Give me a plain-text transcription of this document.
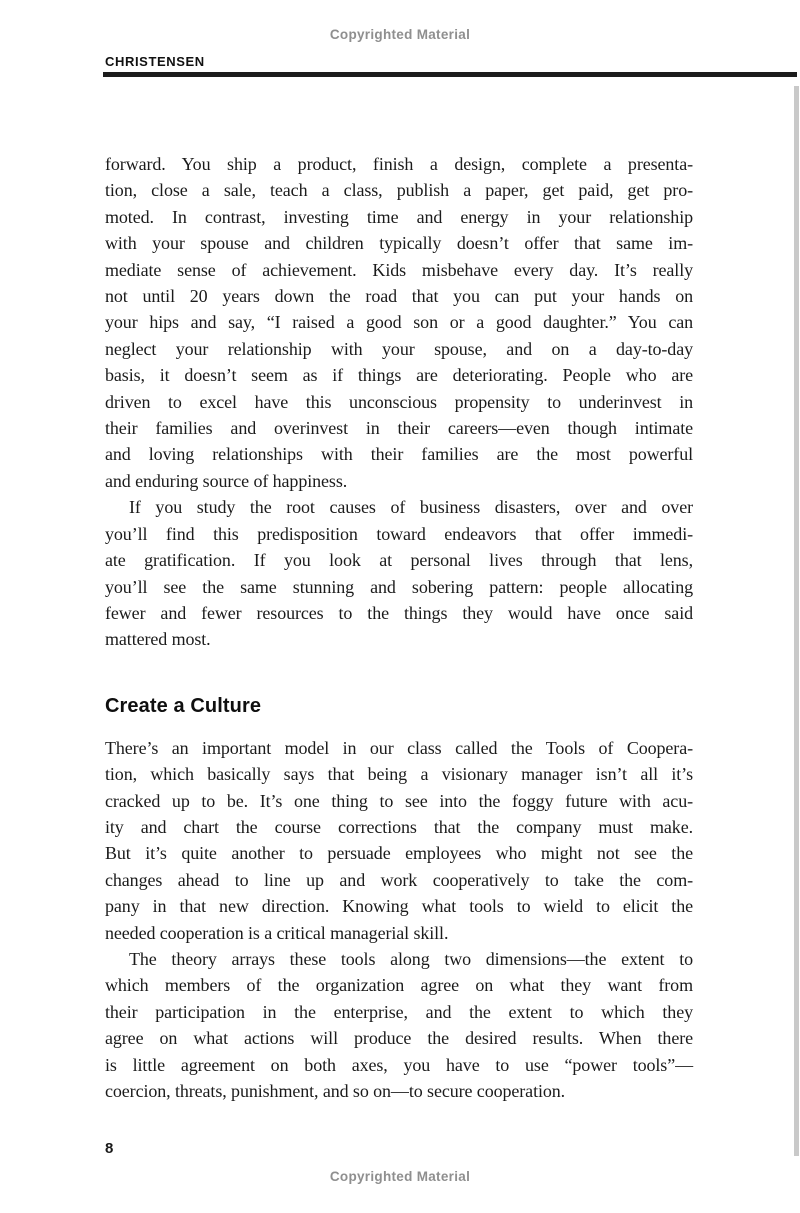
Copyrighted Material
CHRISTENSEN
forward. You ship a product, finish a design, complete a presenta-
tion, close a sale, teach a class, publish a paper, get paid, get pro-
moted. In contrast, investing time and energy in your relationship
with your spouse and children typically doesn’t offer that same im-
mediate sense of achievement. Kids misbehave every day. It’s really
not until 20 years down the road that you can put your hands on
your hips and say, “I raised a good son or a good daughter.” You can
neglect your relationship with your spouse, and on a day-to-day
basis, it doesn’t seem as if things are deteriorating. People who are
driven to excel have this unconscious propensity to underinvest in
their families and overinvest in their careers—even though intimate
and loving relationships with their families are the most powerful
and enduring source of happiness.
If you study the root causes of business disasters, over and over
you’ll find this predisposition toward endeavors that offer immedi-
ate gratification. If you look at personal lives through that lens,
you’ll see the same stunning and sobering pattern: people allocating
fewer and fewer resources to the things they would have once said
mattered most.
Create a Culture
There’s an important model in our class called the Tools of Coopera-
tion, which basically says that being a visionary manager isn’t all it’s
cracked up to be. It’s one thing to see into the foggy future with acu-
ity and chart the course corrections that the company must make.
But it’s quite another to persuade employees who might not see the
changes ahead to line up and work cooperatively to take the com-
pany in that new direction. Knowing what tools to wield to elicit the
needed cooperation is a critical managerial skill.
The theory arrays these tools along two dimensions—the extent to
which members of the organization agree on what they want from
their participation in the enterprise, and the extent to which they
agree on what actions will produce the desired results. When there
is little agreement on both axes, you have to use “power tools”—
coercion, threats, punishment, and so on—to secure cooperation.
8
Copyrighted Material
